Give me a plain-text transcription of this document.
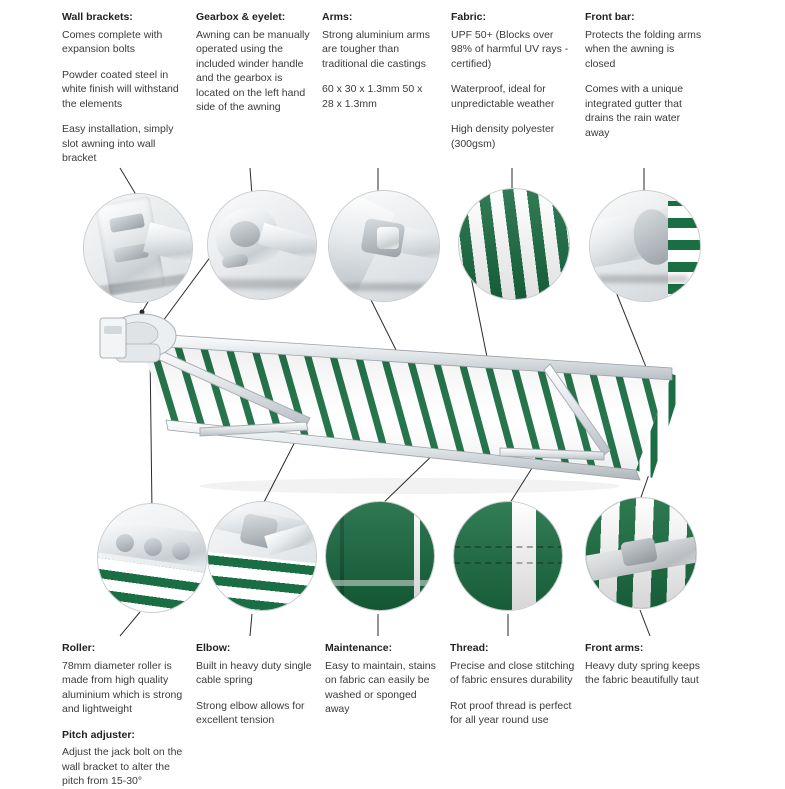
Wall brackets:

Comes complete with expansion bolts

Powder coated steel in white finish will withstand the elements

Easy installation, simply slot awning into wall bracket

Gearbox & eyelet:

Awning can be manually operated using the included winder handle and the gearbox is located on the left hand side of the awning

Arms:

Strong aluminium arms are tougher than traditional die castings

60 x 30 x 1.3mm 50 x 28 x 1.3mm

Fabric:

UPF 50+ (Blocks over 98% of harmful UV rays - certified)

Waterproof, ideal for unpredictable weather

High density polyester (300gsm)

Front bar:

Protects the folding arms when the awning is closed

Comes with a unique integrated gutter that drains the rain water away

Roller:

78mm diameter roller is made from high quality aluminium which is strong and lightweight

Pitch adjuster:

Adjust the jack bolt on the wall bracket to alter the pitch from 15-30°

Elbow:

Built in heavy duty single cable spring

Strong elbow allows for excellent tension

Maintenance:

Easy to maintain, stains on fabric can easily be washed or sponged away

Thread:

Precise and close stitching of fabric ensures durability

Rot proof thread is perfect for all year round use

Front arms:

Heavy duty spring keeps the fabric beautifully taut
